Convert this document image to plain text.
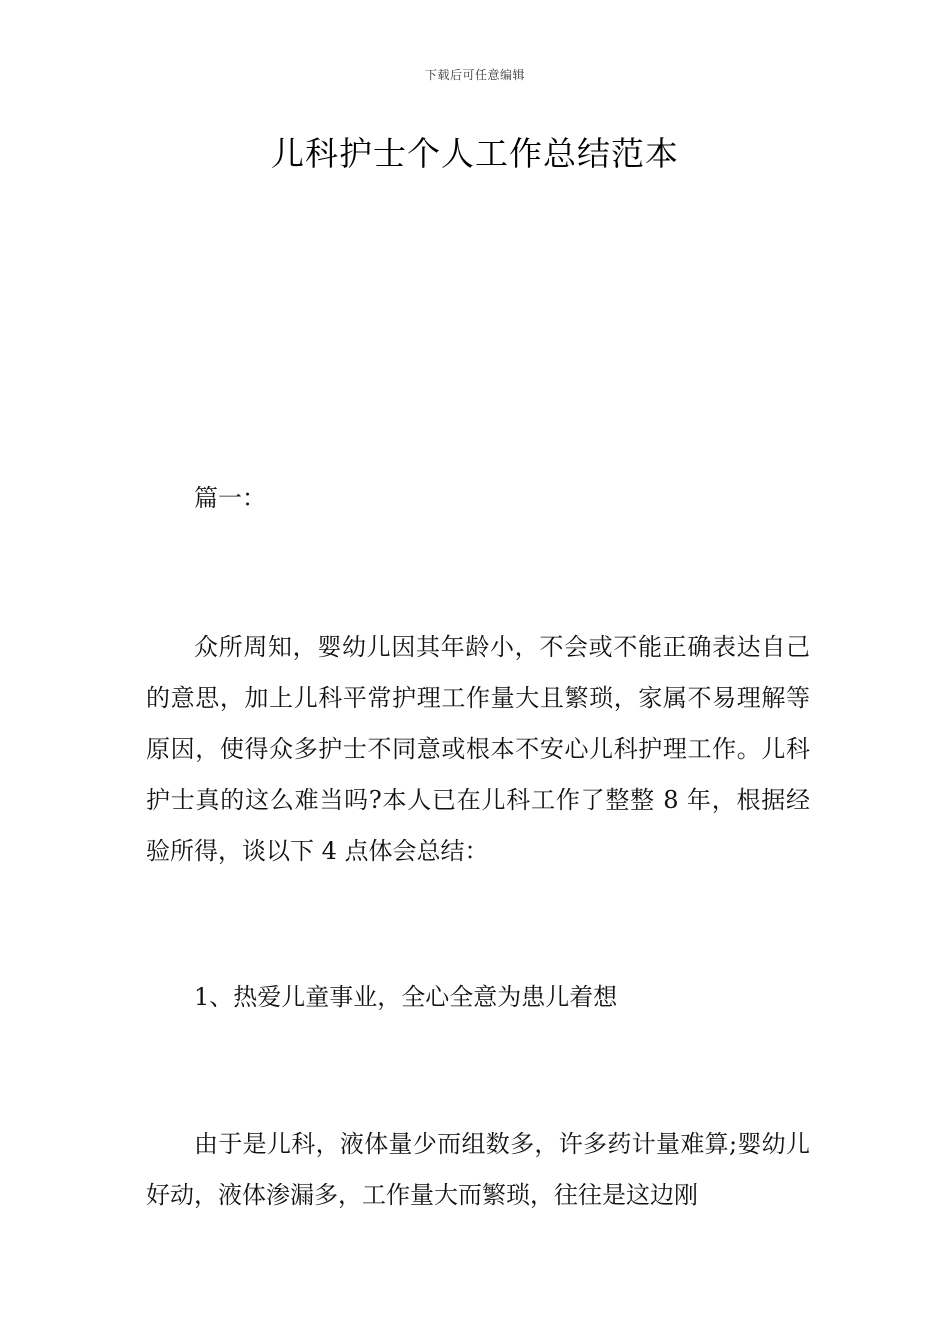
下载后可任意编辑
儿科护士个人工作总结范本

篇一：

众所周知，婴幼儿因其年龄小，不会或不能正确表达自己的意思，加上儿科平常护理工作量大且繁琐，家属不易理解等原因，使得众多护士不同意或根本不安心儿科护理工作。儿科护士真的这么难当吗?本人已在儿科工作了整整 8 年，根据经验所得，谈以下 4 点体会总结：

1、热爱儿童事业，全心全意为患儿着想

由于是儿科，液体量少而组数多，许多药计量难算;婴幼儿好动，液体渗漏多，工作量大而繁琐，往往是这边刚
